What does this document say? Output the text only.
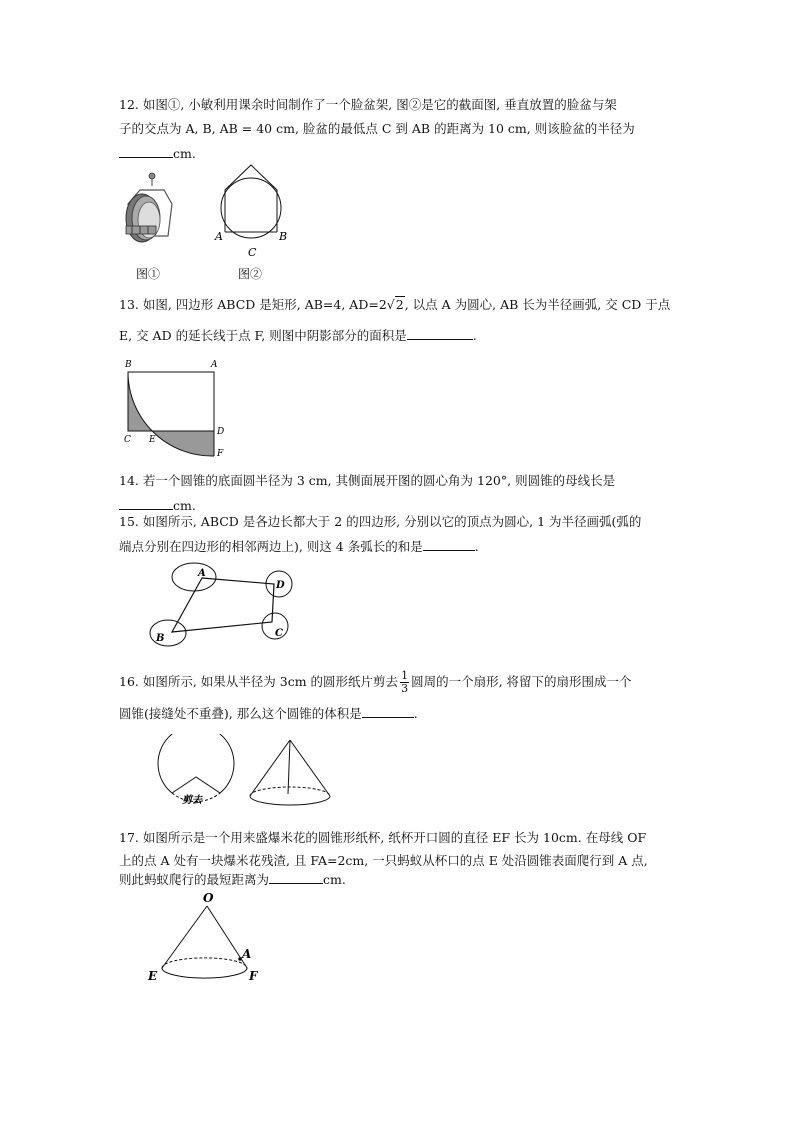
12. 如图①, 小敏利用课余时间制作了一个脸盆架, 图②是它的截面图, 垂直放置的脸盆与架
子的交点为 A, B, AB = 40 cm, 脸盆的最低点 C 到 AB 的距离为 10 cm, 则该脸盆的半径为
cm.
图①
A	B
C
图②
13. 如图, 四边形 ABCD 是矩形, AB=4, AD=2√2, 以点 A 为圆心, AB 长为半径画弧, 交 CD 于点
E, 交 AD 的延长线于点 F, 则图中阴影部分的面积是	.
B	A
C E
D
F
14. 若一个圆锥的底面圆半径为 3 cm, 其侧面展开图的圆心角为 120°, 则圆锥的母线长是
cm.
15. 如图所示, ABCD 是各边长都大于 2 的四边形, 分别以它的顶点为圆心, 1 为半径画弧(弧的
端点分别在四边形的相邻两边上), 则这 4 条弧长的和是	.
A
D
C
B
16. 如图所示, 如果从半径为 3cm 的圆形纸片剪去 $\frac{1}{3}$ 圆周的一个扇形, 将留下的扇形围成一个
圆锥(接缝处不重叠), 那么这个圆锥的体积是	.
剪去
17. 如图所示是一个用来盛爆米花的圆锥形纸杯, 纸杯开口圆的直径 EF 长为 10cm. 在母线 OF
上的点 A 处有一块爆米花残渣, 且 FA=2cm, 一只蚂蚁从杯口的点 E 处沿圆锥表面爬行到 A 点,
则此蚂蚁爬行的最短距离为	cm.
O
A
E	F
